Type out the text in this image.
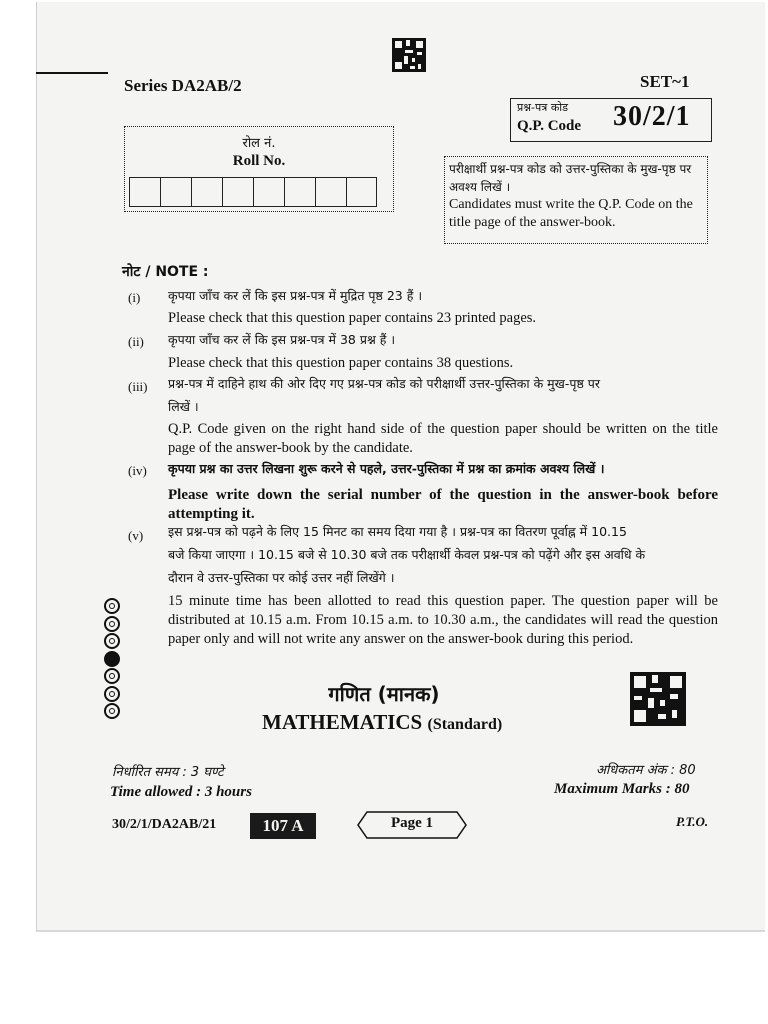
Series DA2AB/2	SET~1
प्रश्न-पत्र कोड
Q.P. Code 30/2/1
रोल नं.
Roll No.	परीक्षार्थी प्रश्न-पत्र कोड को उत्तर-पुस्तिका के मुख-पृष्ठ पर अवश्य लिखें ।
Candidates must write the Q.P. Code on the title page of the answer-book.
नोट / NOTE :
(i) कृपया जाँच कर लें कि इस प्रश्न-पत्र में मुद्रित पृष्ठ 23 हैं ।
Please check that this question paper contains 23 printed pages.
(ii) कृपया जाँच कर लें कि इस प्रश्न-पत्र में 38 प्रश्न हैं ।
Please check that this question paper contains 38 questions.
(iii) प्रश्न-पत्र में दाहिने हाथ की ओर दिए गए प्रश्न-पत्र कोड को परीक्षार्थी उत्तर-पुस्तिका के मुख-पृष्ठ पर
लिखें ।
Q.P. Code given on the right hand side of the question paper should be written on the title page of the answer-book by the candidate.
(iv) कृपया प्रश्न का उत्तर लिखना शुरू करने से पहले, उत्तर-पुस्तिका में प्रश्न का क्रमांक अवश्य लिखें ।
Please write down the serial number of the question in the answer-book before attempting it.
(v) इस प्रश्न-पत्र को पढ़ने के लिए 15 मिनट का समय दिया गया है । प्रश्न-पत्र का वितरण पूर्वाह्न में 10.15
बजे किया जाएगा । 10.15 बजे से 10.30 बजे तक परीक्षार्थी केवल प्रश्न-पत्र को पढ़ेंगे और इस अवधि के
दौरान वे उत्तर-पुस्तिका पर कोई उत्तर नहीं लिखेंगे ।
15 minute time has been allotted to read this question paper. The question paper will be distributed at 10.15 a.m. From 10.15 a.m. to 10.30 a.m., the candidates will read the question paper only and will not write any answer on the answer-book during this period.
गणित (मानक)
MATHEMATICS (Standard)
निर्धारित समय : 3 घण्टे
Time allowed : 3 hours
अधिकतम अंक : 80
Maximum Marks : 80
30/2/1/DA2AB/21	107 A	Page 1	P.T.O.
